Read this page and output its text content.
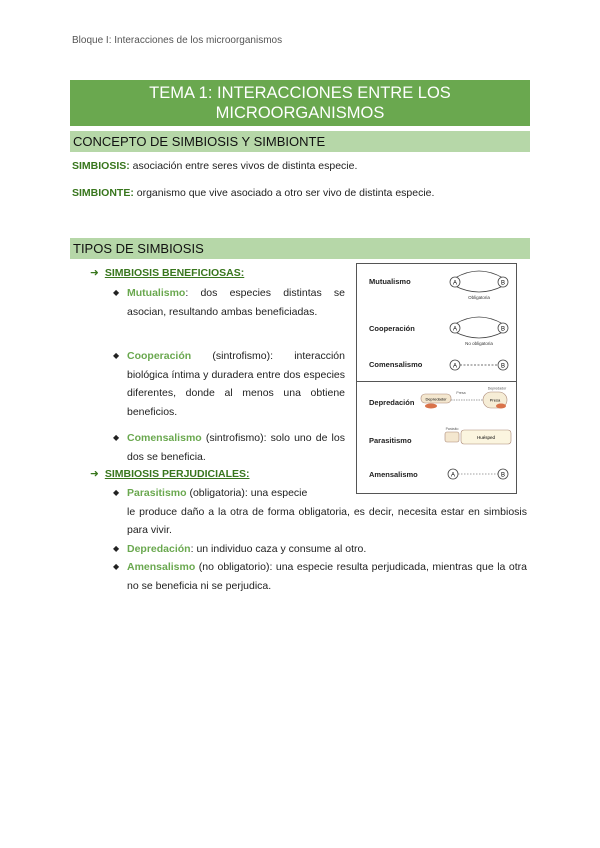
Bloque I: Interacciones de los microorganismos
TEMA 1: INTERACCIONES ENTRE LOS
MICROORGANISMOS
CONCEPTO DE SIMBIOSIS Y SIMBIONTE
SIMBIOSIS: asociación entre seres vivos de distinta especie.
SIMBIONTE: organismo que vive asociado a otro ser vivo de distinta especie.
TIPOS DE SIMBIOSIS
➜ SIMBIOSIS BENEFICIOSAS:
◆ Mutualismo: dos especies distintas se asocian, resultando ambas beneficiadas.
◆ Cooperación (sintrofismo): interacción biológica íntima y duradera entre dos especies diferentes, donde al menos una obtiene beneficios.
◆ Comensalismo (sintrofismo): solo uno de los dos se beneficia.
➜ SIMBIOSIS PERJUDICIALES:
◆ Parasitismo (obligatoria): una especie
le produce daño a la otra de forma obligatoria, es decir, necesita estar en simbiosis para vivir.
◆ Depredación: un individuo caza y consume al otro.
◆ Amensalismo (no obligatorio): una especie resulta perjudicada, mientras que la otra no se beneficia ni se perjudica.
Mutualismo
Cooperación
Comensalismo
Depredación
Parasitismo
Amensalismo
A	B
Obligatoria
A	B
No obligatoria
A	B
Depredador
Presa
Depredador
Presa
Parásito
Huésped
A	B
